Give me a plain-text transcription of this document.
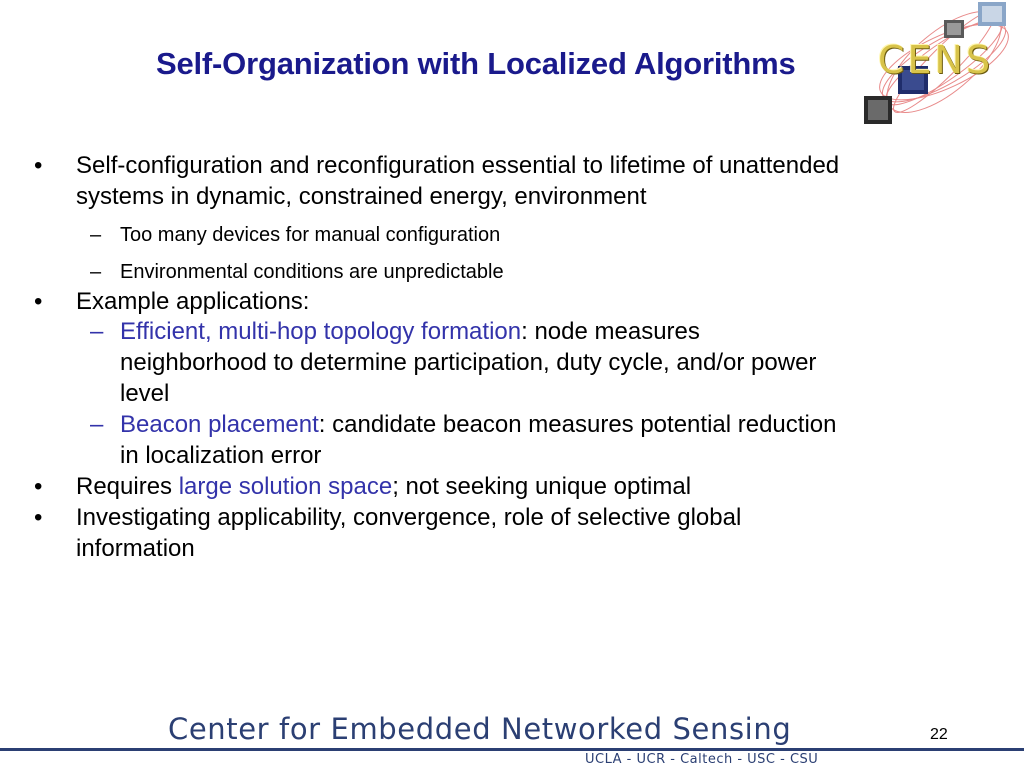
Self-Organization with Localized Algorithms CENS
• Self-configuration and reconfiguration essential to lifetime of unattended
systems in dynamic, constrained energy, environment
– Too many devices for manual configuration
– Environmental conditions are unpredictable
• Example applications:
– Efficient, multi-hop topology formation: node measures
neighborhood to determine participation, duty cycle, and/or power
level
– Beacon placement: candidate beacon measures potential reduction
in localization error
• Requires large solution space; not seeking unique optimal
• Investigating applicability, convergence, role of selective global
information
Center for Embedded Networked Sensing	22
UCLA - UCR - Caltech - USC - CSU
